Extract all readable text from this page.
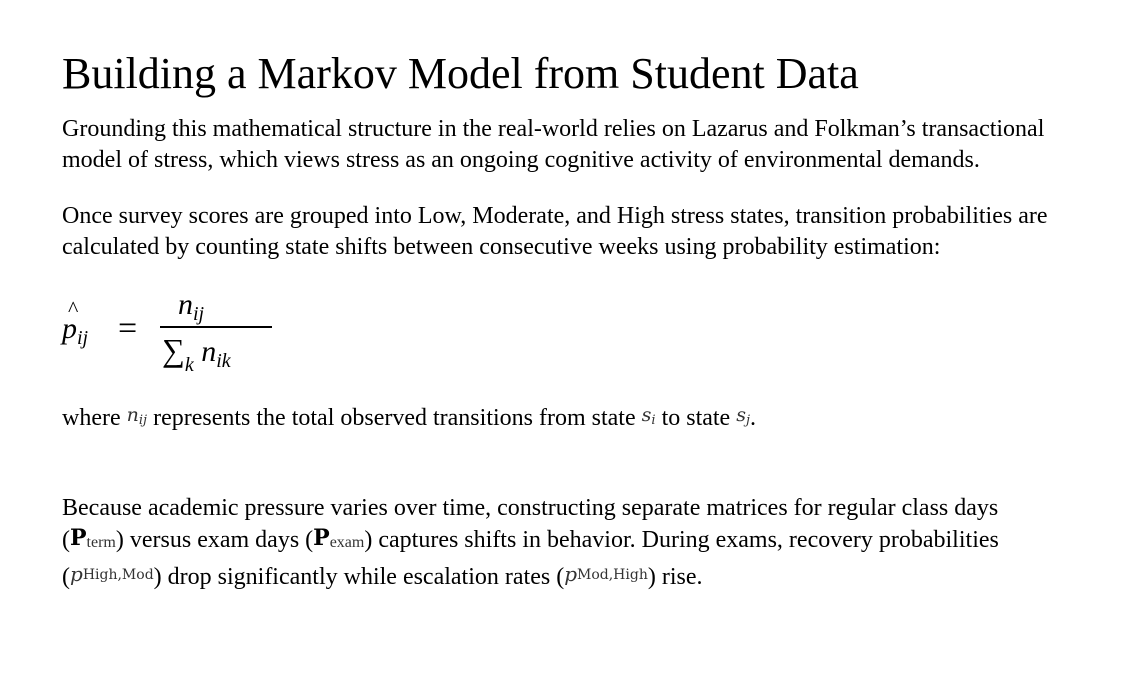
Building a Markov Model from Student Data

Grounding this mathematical structure in the real-world relies on Lazarus and Folkman’s transactional model of stress, which views stress as an ongoing cognitive activity of environmental demands.

Once survey scores are grouped into Low, Moderate, and High stress states, transition probabilities are calculated by counting state shifts between consecutive weeks using probability estimation:

p $\^{}_{ij}$ =
$n_{ij}$
$\sum_k$ $n_{ik}$

where $n_{ij}$ represents the total observed transitions from state $s_i$ to state $s_j$.

Because academic pressure varies over time, constructing separate matrices for regular class days (Pterm) versus exam days (Pexam) captures shifts in behavior. During exams, recovery probabilities $(p_{High,Mod})$ drop significantly while escalation rates $(p_{Mod,High})$ rise.
